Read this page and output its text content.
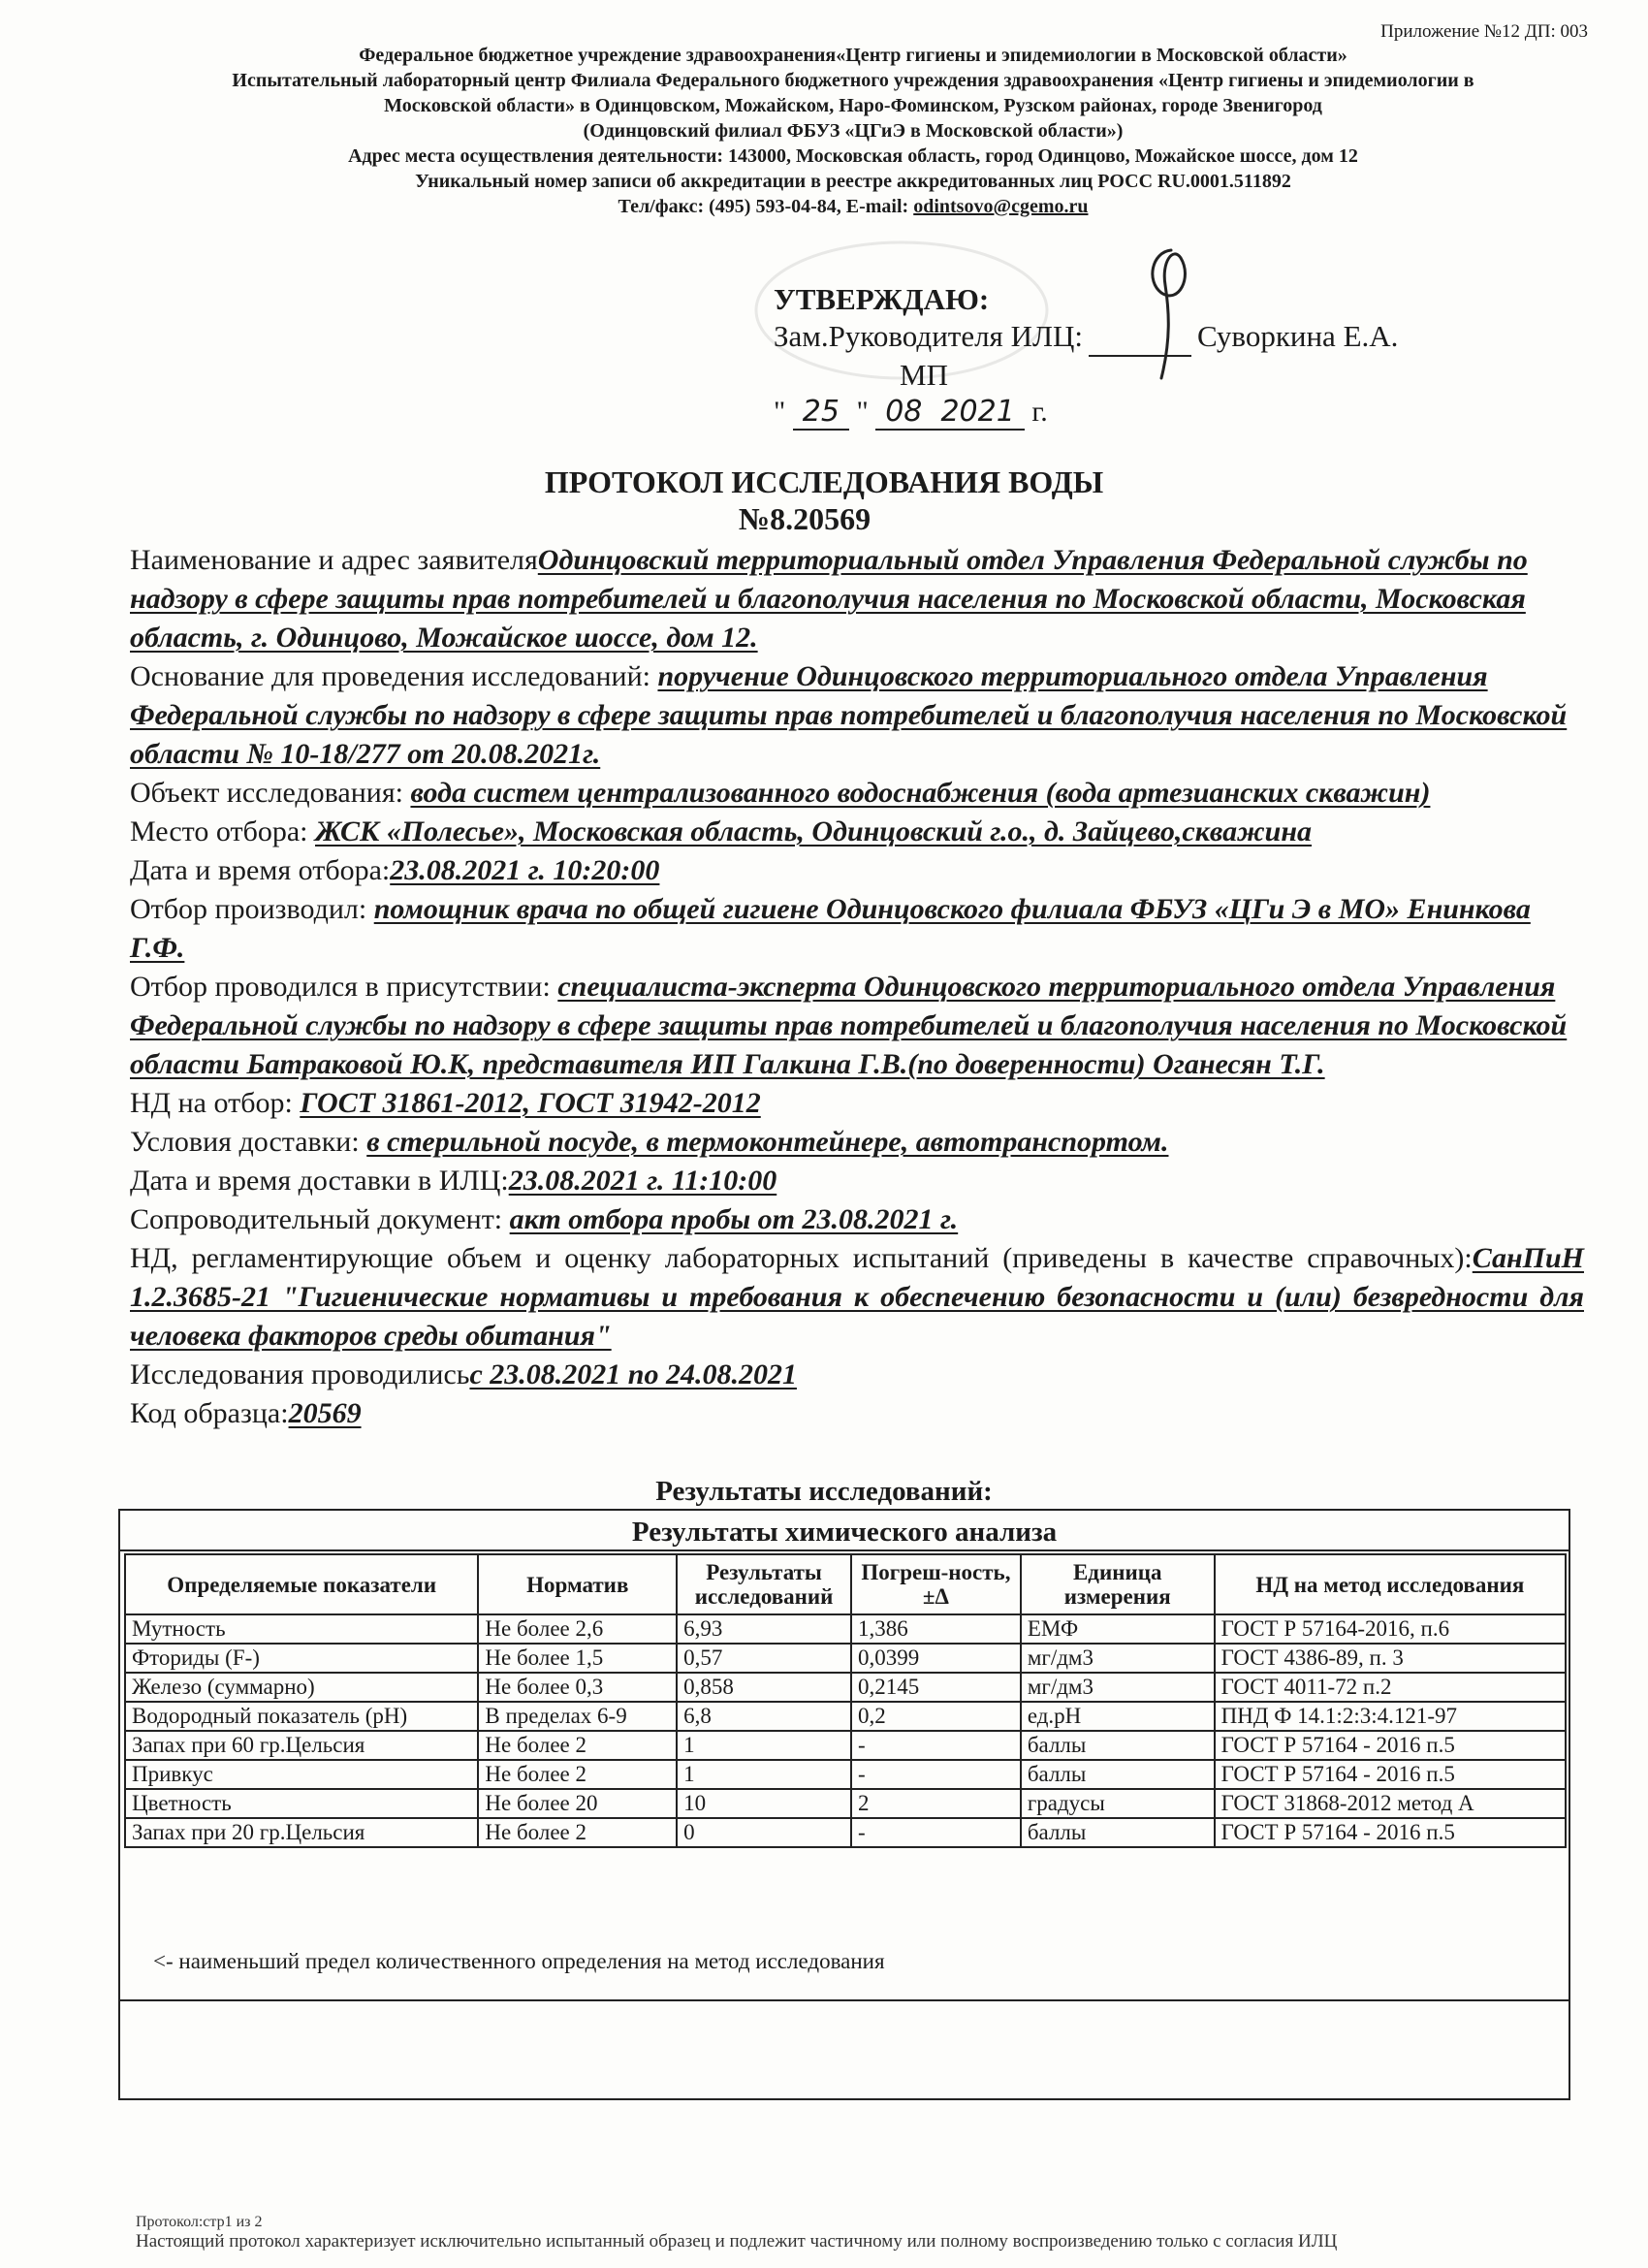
Приложение №12 ДП: 003
Федеральное бюджетное учреждение здравоохранения«Центр гигиены и эпидемиологии в Московской области»
Испытательный лабораторный центр Филиала Федерального бюджетного учреждения здравоохранения «Центр гигиены и эпидемиологии в
Московской области» в Одинцовском, Можайском, Наро-Фоминском, Рузском районах, городе Звенигород
(Одинцовский филиал ФБУЗ «ЦГиЭ в Московской области»)
Адрес места осуществления деятельности: 143000, Московская область, город Одинцово, Можайское шоссе, дом 12
Уникальный номер записи об аккредитации в реестре аккредитованных лиц РОСС RU.0001.511892
Тел/факс: (495) 593-04-84, E-mail: odintsovo@cgemo.ru
УТВЕРЖДАЮ:
Зам.Руководителя ИЛЦ:	Суворкина Е.А.
МП
" 25 " 08 2021 г.
ПРОТОКОЛ ИССЛЕДОВАНИЯ ВОДЫ
№8.20569

Наименование и адрес заявителяОдинцовский территориальный отдел Управления Федеральной службы по надзору в сфере защиты прав потребителей и благополучия населения по Московской области, Московская область, г. Одинцово, Можайское шоссе, дом 12.

Основание для проведения исследований: поручение Одинцовского территориального отдела Управления Федеральной службы по надзору в сфере защиты прав потребителей и благополучия населения по Московской области № 10-18/277 от 20.08.2021г.

Объект исследования: вода систем централизованного водоснабжения (вода артезианских скважин)

Место отбора: ЖСК «Полесье», Московская область, Одинцовский г.о., д. Зайцево,скважина

Дата и время отбора:23.08.2021 г. 10:20:00

Отбор производил: помощник врача по общей гигиене Одинцовского филиала ФБУЗ «ЦГи Э в МО» Енинкова Г.Ф.

Отбор проводился в присутствии: специалиста-эксперта Одинцовского территориального отдела Управления Федеральной службы по надзору в сфере защиты прав потребителей и благополучия населения по Московской области Батраковой Ю.К, представителя ИП Галкина Г.В.(по доверенности) Оганесян Т.Г.

НД на отбор: ГОСТ 31861-2012, ГОСТ 31942-2012

Условия доставки: в стерильной посуде, в термоконтейнере, автотранспортом.

Дата и время доставки в ИЛЦ:23.08.2021 г. 11:10:00

Сопроводительный документ: акт отбора пробы от 23.08.2021 г.

НД, регламентирующие объем и оценку лабораторных испытаний (приведены в качестве справочных):СанПиН 1.2.3685-21 "Гигиенические нормативы и требования к обеспечению безопасности и (или) безвредности для человека факторов среды обитания"

Исследования проводилисьс 23.08.2021 по 24.08.2021

Код образца:20569

Результаты исследований:
Результаты химического анализа
Определяемые показатели	Норматив	Результаты исследований	Погреш-ность, ±Δ	Единица измерения	НД на метод исследования
Мутность	Не более 2,6	6,93	1,386	ЕМФ	ГОСТ Р 57164-2016, п.6
Фториды (F-)	Не более 1,5	0,57	0,0399	мг/дм3	ГОСТ 4386-89, п. 3
Железо (суммарно)	Не более 0,3	0,858	0,2145	мг/дм3	ГОСТ 4011-72 п.2
Водородный показатель (рН)	В пределах 6-9	6,8	0,2	ед.pH	ПНД Ф 14.1:2:3:4.121-97
Запах при 60 гр.Цельсия	Не более 2	1	-	баллы	ГОСТ Р 57164 - 2016 п.5
Привкус	Не более 2	1	-	баллы	ГОСТ Р 57164 - 2016 п.5
Цветность	Не более 20	10	2	градусы	ГОСТ 31868-2012 метод А
Запах при 20 гр.Цельсия	Не более 2	0	-	баллы	ГОСТ Р 57164 - 2016 п.5
<- наименьший предел количественного определения на метод исследования
Протокол:стр1 из 2
Настоящий протокол характеризует исключительно испытанный образец и подлежит частичному или полному воспроизведению только с согласия ИЛЦ
